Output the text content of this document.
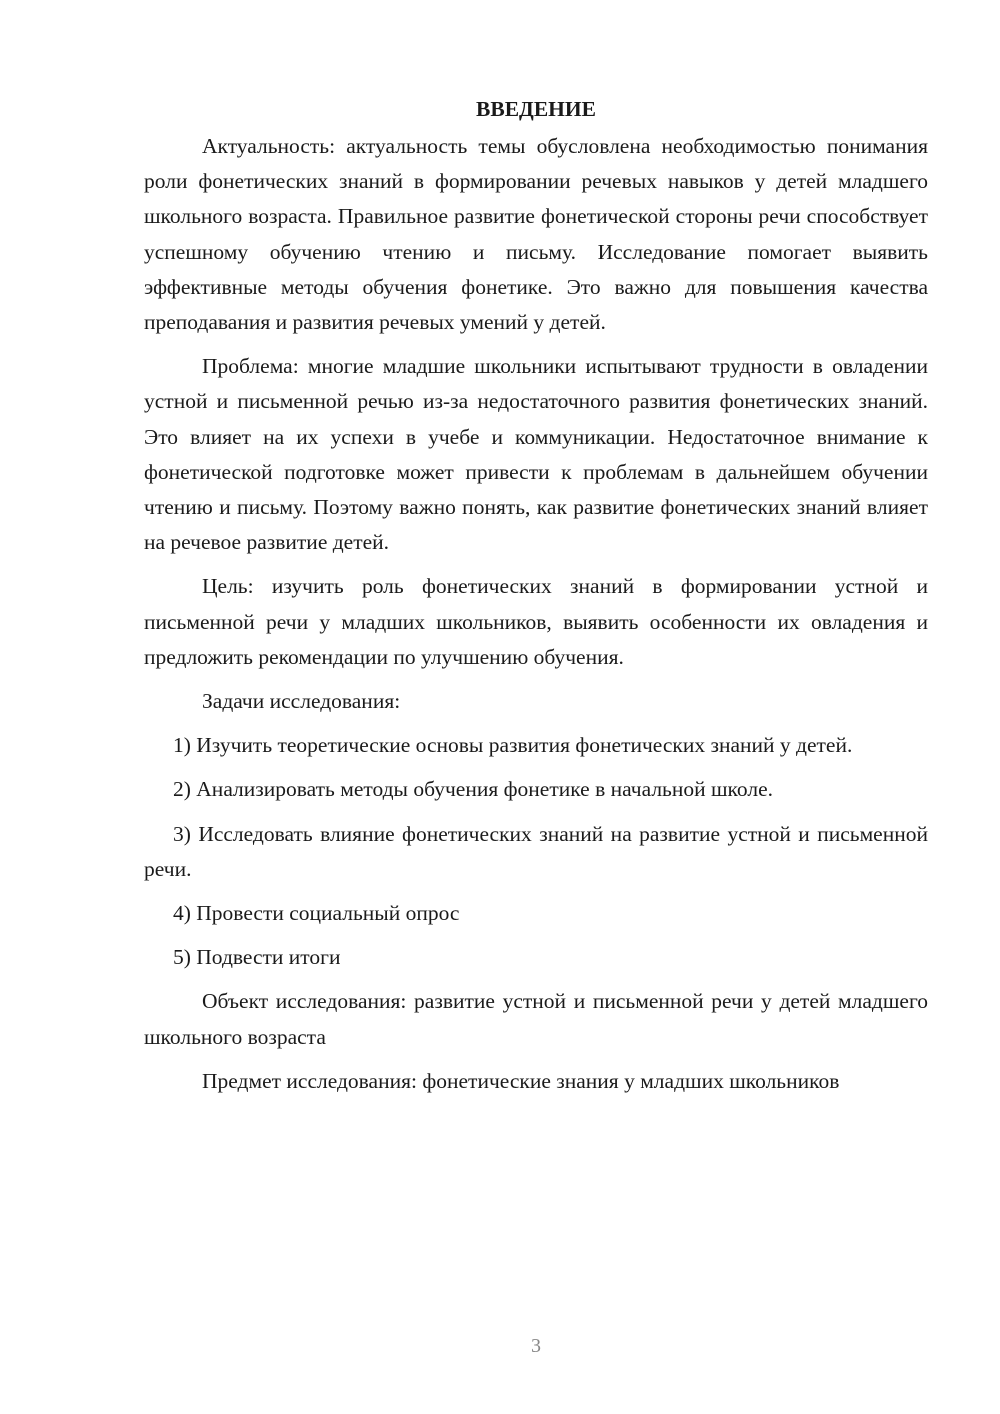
ВВЕДЕНИЕ

Актуальность: актуальность темы обусловлена необходимостью понимания роли фонетических знаний в формировании речевых навыков у детей младшего школьного возраста. Правильное развитие фонетической стороны речи способствует успешному обучению чтению и письму. Исследование помогает выявить эффективные методы обучения фонетике. Это важно для повышения качества преподавания и развития речевых умений у детей.

Проблема: многие младшие школьники испытывают трудности в овладении устной и письменной речью из-за недостаточного развития фонетических знаний. Это влияет на их успехи в учебе и коммуникации. Недостаточное внимание к фонетической подготовке может привести к проблемам в дальнейшем обучении чтению и письму. Поэтому важно понять, как развитие фонетических знаний влияет на речевое развитие детей.

Цель: изучить роль фонетических знаний в формировании устной и письменной речи у младших школьников, выявить особенности их овладения и предложить рекомендации по улучшению обучения.

Задачи исследования:

1) Изучить теоретические основы развития фонетических знаний у детей.

2) Анализировать методы обучения фонетике в начальной школе.

3) Исследовать влияние фонетических знаний на развитие устной и письменной речи.

4) Провести социальный опрос

5) Подвести итоги

Объект исследования: развитие устной и письменной речи у детей младшего школьного возраста

Предмет исследования: фонетические знания у младших школьников

3
